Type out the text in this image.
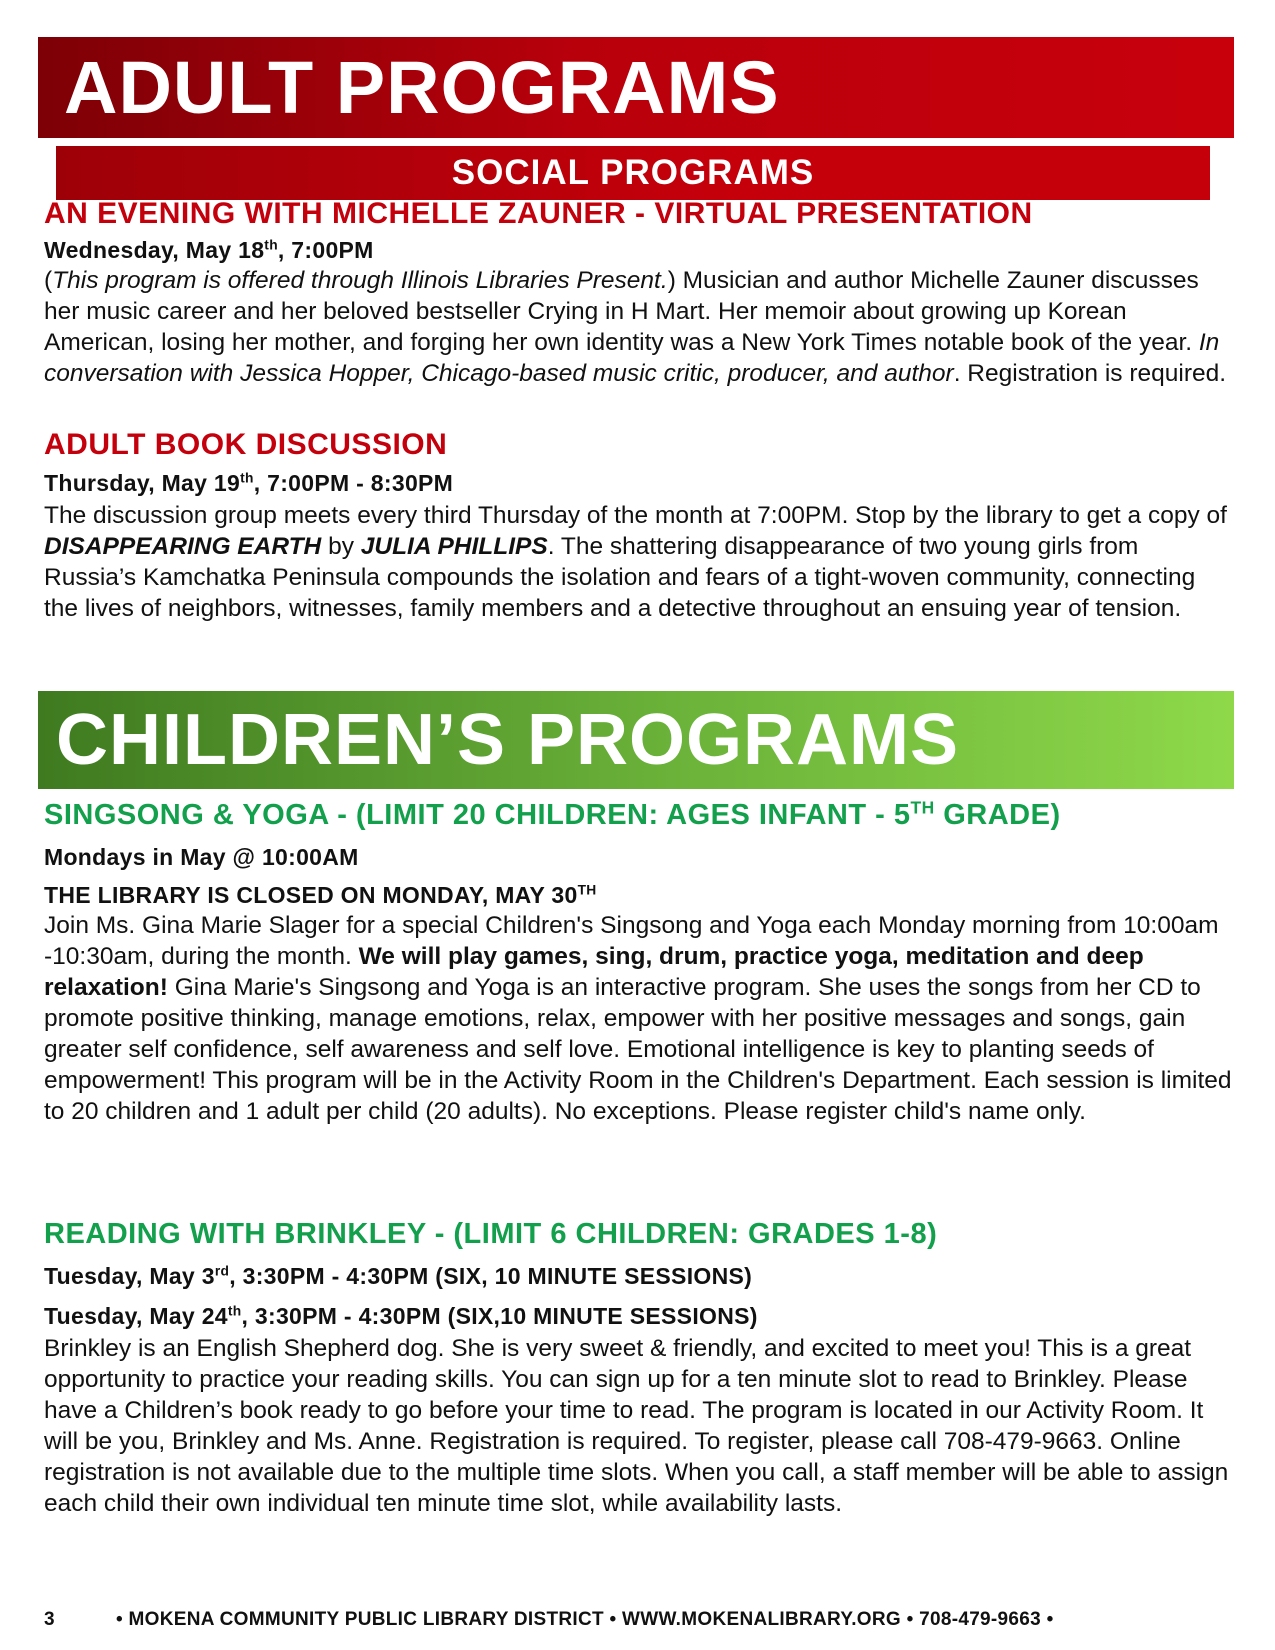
ADULT PROGRAMS
SOCIAL PROGRAMS

AN EVENING WITH MICHELLE ZAUNER - VIRTUAL PRESENTATION

Wednesday, May 18th, 7:00PM

(This program is offered through Illinois Libraries Present.) Musician and author Michelle Zauner discusses her music career and her beloved bestseller Crying in H Mart. Her memoir about growing up Korean American, losing her mother, and forging her own identity was a New York Times notable book of the year. In conversation with Jessica Hopper, Chicago-based music critic, producer, and author. Registration is required.

ADULT BOOK DISCUSSION

Thursday, May 19th, 7:00PM - 8:30PM

The discussion group meets every third Thursday of the month at 7:00PM. Stop by the library to get a copy of DISAPPEARING EARTH by JULIA PHILLIPS. The shattering disappearance of two young girls from Russia’s Kamchatka Peninsula compounds the isolation and fears of a tight-woven community, connecting the lives of neighbors, witnesses, family members and a detective throughout an ensuing year of tension.

CHILDREN’S PROGRAMS

SINGSONG & YOGA - (LIMIT 20 CHILDREN: AGES INFANT - 5TH GRADE)

Mondays in May @ 10:00AM

THE LIBRARY IS CLOSED ON MONDAY, MAY 30TH

Join Ms. Gina Marie Slager for a special Children's Singsong and Yoga each Monday morning from 10:00am -10:30am, during the month. We will play games, sing, drum, practice yoga, meditation and deep relaxation! Gina Marie's Singsong and Yoga is an interactive program. She uses the songs from her CD to promote positive thinking, manage emotions, relax, empower with her positive messages and songs, gain greater self confidence, self awareness and self love. Emotional intelligence is key to planting seeds of empowerment! This program will be in the Activity Room in the Children's Department. Each session is limited to 20 children and 1 adult per child (20 adults). No exceptions. Please register child's name only.

READING WITH BRINKLEY - (LIMIT 6 CHILDREN: GRADES 1-8)

Tuesday, May 3rd, 3:30PM - 4:30PM (SIX, 10 MINUTE SESSIONS)

Tuesday, May 24th, 3:30PM - 4:30PM (SIX,10 MINUTE SESSIONS)

Brinkley is an English Shepherd dog. She is very sweet & friendly, and excited to meet you! This is a great opportunity to practice your reading skills. You can sign up for a ten minute slot to read to Brinkley. Please have a Children’s book ready to go before your time to read. The program is located in our Activity Room. It will be you, Brinkley and Ms. Anne. Registration is required. To register, please call 708-479-9663. Online registration is not available due to the multiple time slots. When you call, a staff member will be able to assign each child their own individual ten minute time slot, while availability lasts.

3	• MOKENA COMMUNITY PUBLIC LIBRARY DISTRICT • WWW.MOKENALIBRARY.ORG • 708-479-9663 •
